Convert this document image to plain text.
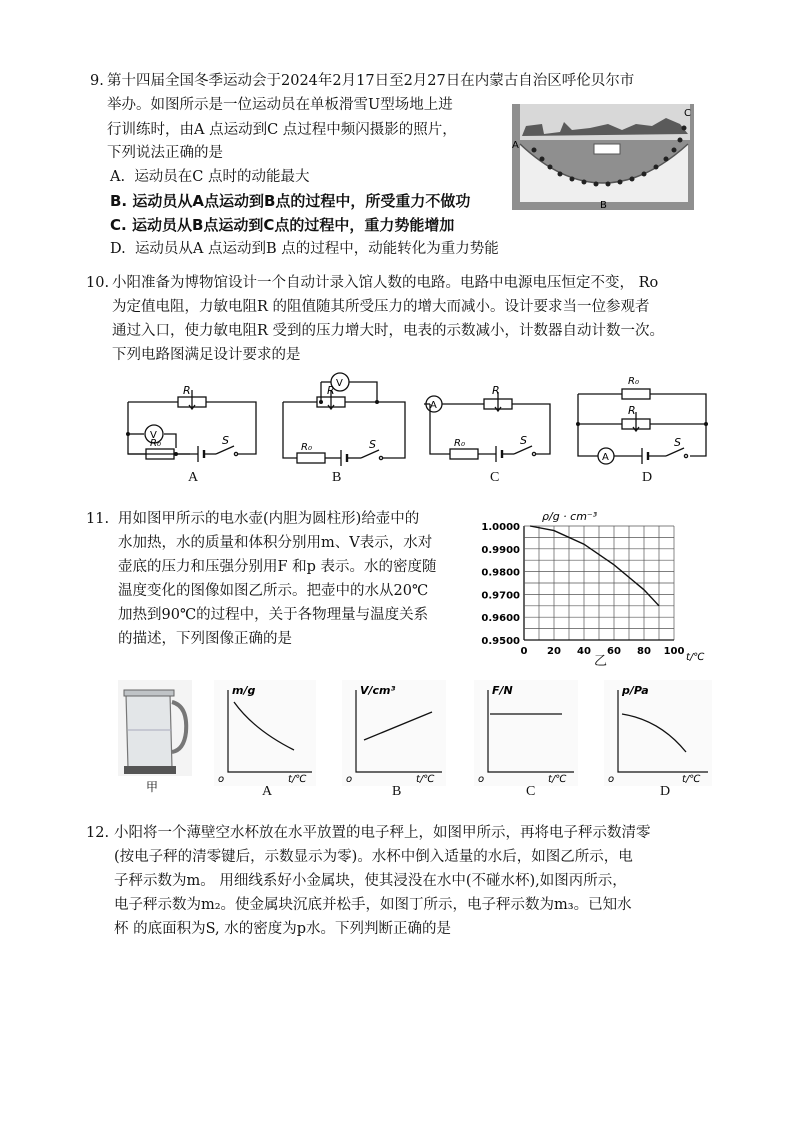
9. 第十四届全国冬季运动会于2024年2月17日至2月27日在内蒙古自治区呼伦贝尔市
举办。如图所示是一位运动员在单板滑雪U型场地上进
行训练时，由A 点运动到C 点过程中频闪摄影的照片，
下列说法正确的是
A. 运动员在C 点时的动能最大
B. 运动员从A点运动到B点的过程中，所受重力不做功
C. 运动员从B点运动到C点的过程中，重力势能增加
D. 运动员从A 点运动到B 点的过程中，动能转化为重力势能
A
B
C
10. 小阳准备为博物馆设计一个自动计录入馆人数的电路。电路中电源电压恒定不变， Ro
为定值电阻，力敏电阻R 的阻值随其所受压力的增大而减小。设计要求当一位参观者
通过入口，使力敏电阻R 受到的压力增大时，电表的示数减小，计数器自动计数一次。
下列电路图满足设计要求的是
R
V
R₀	S
A
V
R
R₀	S
B
A
R
R₀	S
C
R₀
R
A
S
D
11. 用如图甲所示的电水壶(内胆为圆柱形)给壶中的
水加热，水的质量和体积分别用m、V表示，水对
壶底的压力和压强分别用F 和p 表示。水的密度随
温度变化的图像如图乙所示。把壶中的水从20℃
加热到90℃的过程中，关于各物理量与温度关系
的描述，下列图像正确的是
0 20 40 60 80 100
1.0000
0.9900
0.9800
0.9700
0.9600
0.9500
ρ/g · cm⁻³
t/℃
乙
甲
m/g
t/℃
o
A
V/cm³
t/℃
o
B
F/N
t/℃
o
C
p/Pa
t/℃
o
D
12. 小阳将一个薄壁空水杯放在水平放置的电子秤上，如图甲所示，再将电子秤示数清零
(按电子秤的清零键后，示数显示为零)。水杯中倒入适量的水后，如图乙所示，电
子秤示数为m。 用细线系好小金属块，使其浸没在水中(不碰水杯),如图丙所示，
电子秤示数为m₂。使金属块沉底并松手，如图丁所示，电子秤示数为m₃。已知水
杯 的底面积为S, 水的密度为p水。下列判断正确的是
